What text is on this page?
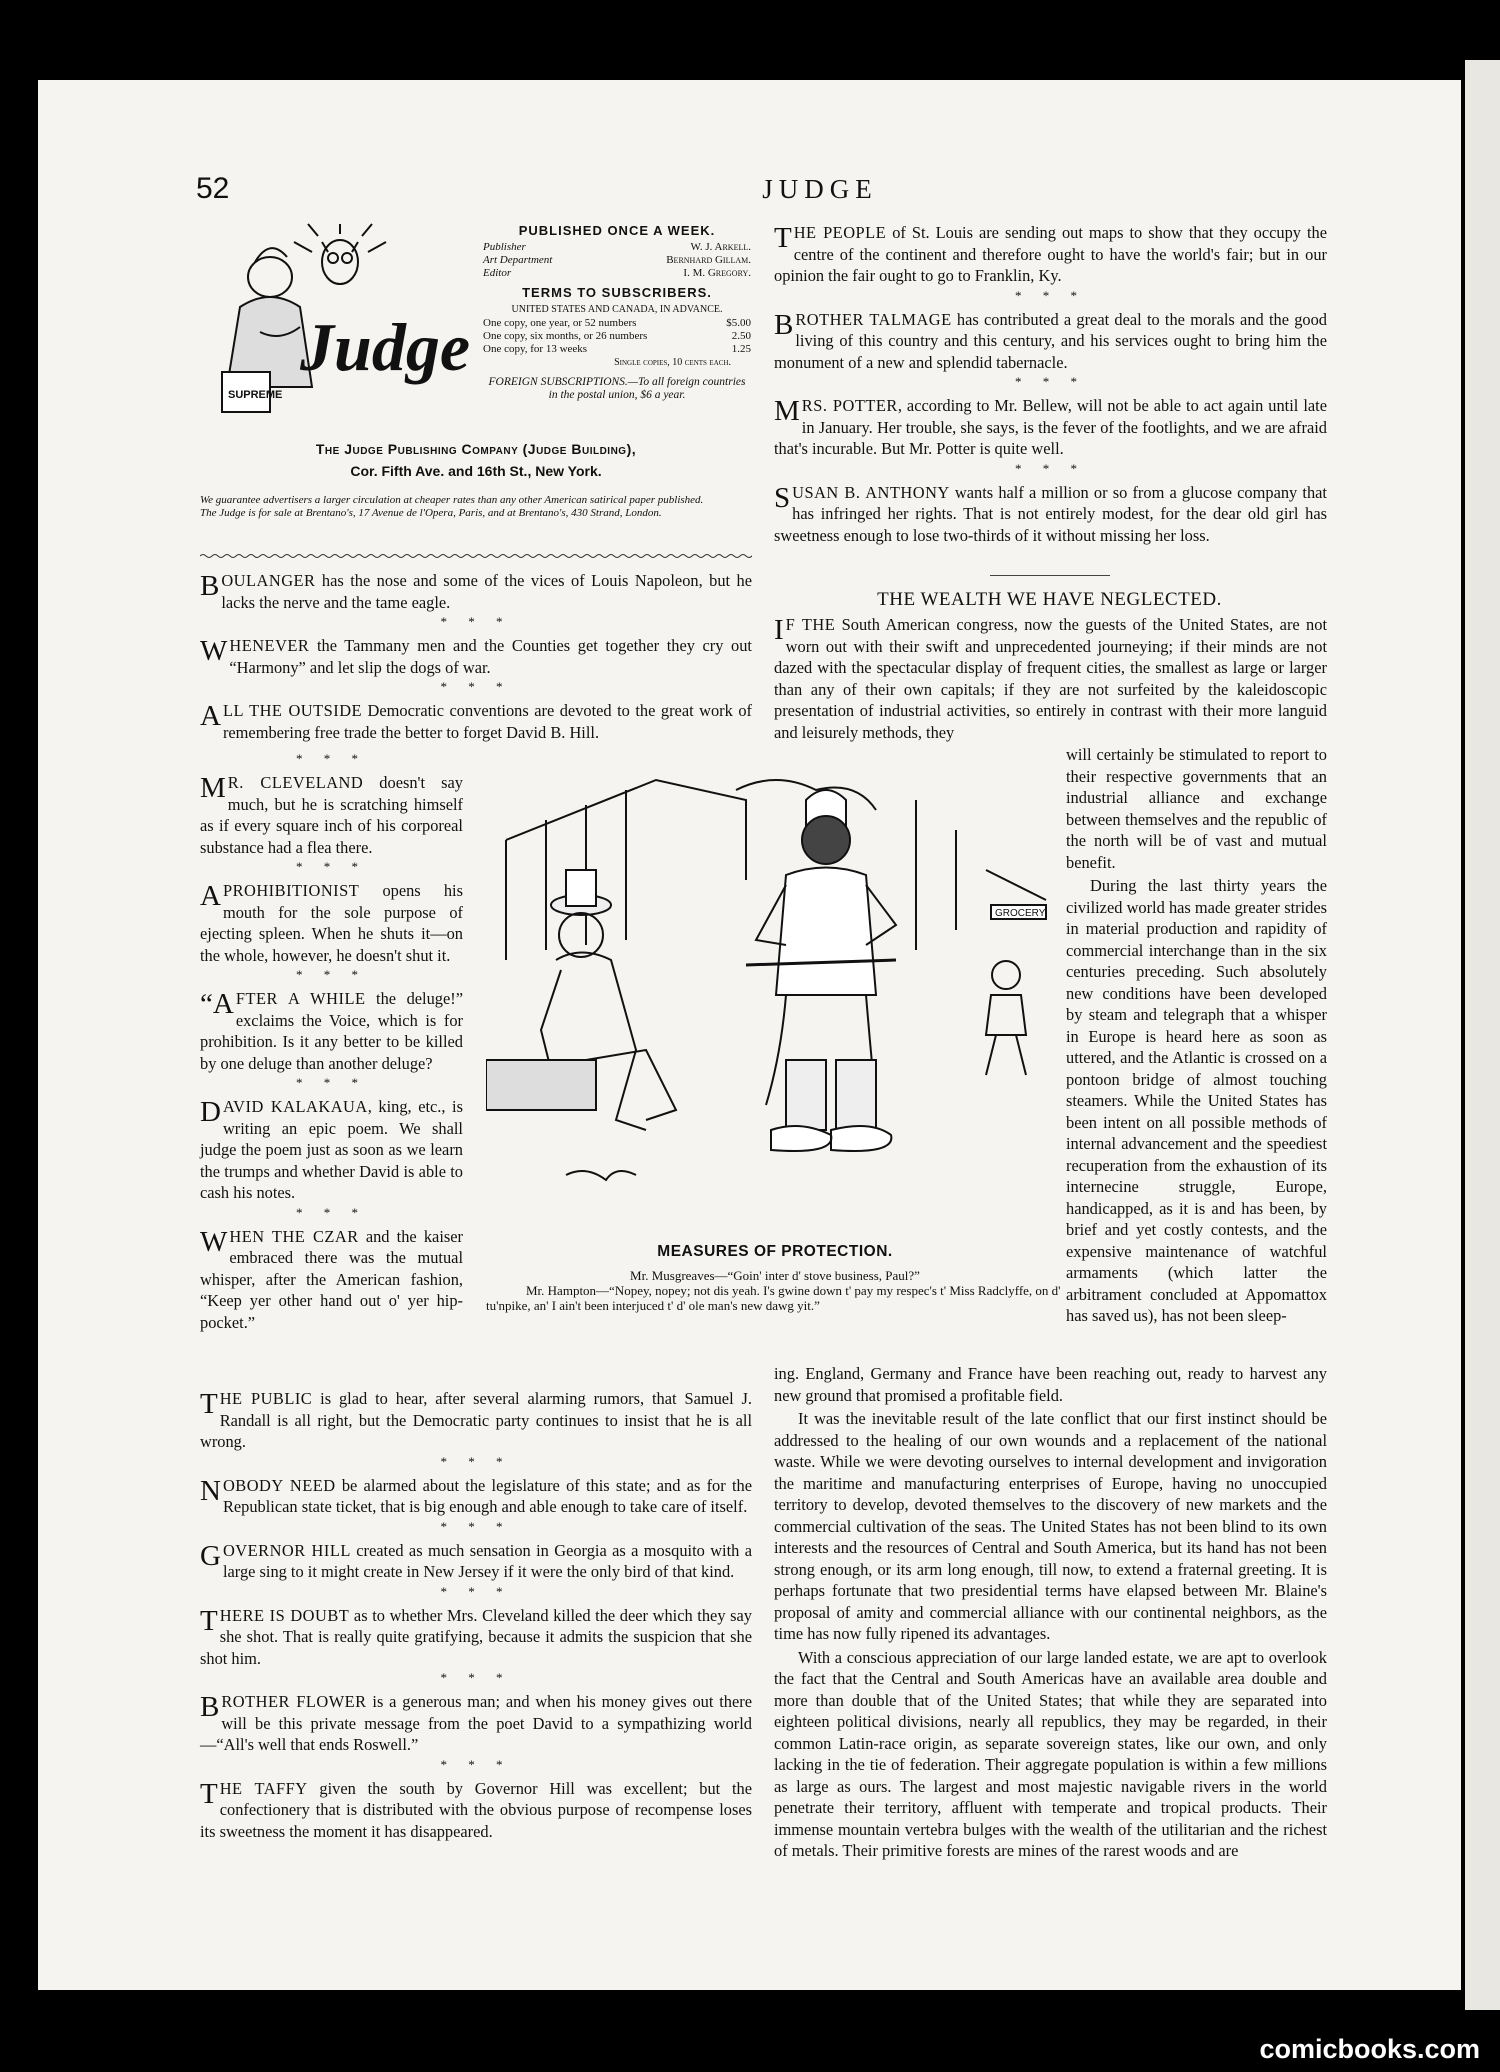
52	JUDGE
SUPREME
Judge
PUBLISHED ONCE A WEEK.
Publisher	W. J. Arkell.
Art Department	Bernhard Gillam.
Editor	I. M. Gregory.
TERMS TO SUBSCRIBERS.
UNITED STATES AND CANADA, IN ADVANCE.
One copy, one year, or 52 numbers	$5.00
One copy, six months, or 26 numbers	2.50
One copy, for 13 weeks	1.25
Single copies, 10 cents each.
FOREIGN SUBSCRIPTIONS.—To all foreign countries in the postal union, $6 a year.
The Judge Publishing Company (Judge Building),
Cor. Fifth Ave. and 16th St., New York.
We guarantee advertisers a larger circulation at cheaper rates than any other American satirical paper published.
The Judge is for sale at Brentano's, 17 Avenue de l'Opera, Paris, and at Brentano's, 430 Strand, London.

BOULANGER has the nose and some of the vices of Louis Napoleon, but he lacks the nerve and the tame eagle.

* * *

WHENEVER the Tammany men and the Counties get together they cry out “Harmony” and let slip the dogs of war.

* * *

ALL THE OUTSIDE Democratic conventions are devoted to the great work of remembering free trade the better to forget David B. Hill.

* * *

M R. CLEVELAND doesn't say much, but he is scratching himself as if every square inch of his corporeal substance had a flea there.

* * *

A PROHIBITIONIST opens his mouth for the sole purpose of ejecting spleen. When he shuts it—on the whole, however, he doesn't shut it.

* * *

“AFTER A WHILE the deluge!” exclaims the Voice, which is for prohibition. Is it any better to be killed by one deluge than another deluge?

* * *

DAVID KALAKAUA, king, etc., is writing an epic poem. We shall judge the poem just as soon as we learn the trumps and whether David is able to cash his notes.

* * *

WHEN THE CZAR and the kaiser embraced there was the mutual whisper, after the American fashion, “Keep yer other hand out o' yer hip-pocket.”

THE PUBLIC is glad to hear, after several alarming rumors, that Samuel J. Randall is all right, but the Democratic party continues to insist that he is all wrong.

* * *

NOBODY NEED be alarmed about the legislature of this state; and as for the Republican state ticket, that is big enough and able enough to take care of itself.

* * *

GOVERNOR HILL created as much sensation in Georgia as a mosquito with a large sing to it might create in New Jersey if it were the only bird of that kind.

* * *

THERE IS DOUBT as to whether Mrs. Cleveland killed the deer which they say she shot. That is really quite gratifying, because it admits the suspicion that she shot him.

* * *

BROTHER FLOWER is a generous man; and when his money gives out there will be this private message from the poet David to a sympathizing world—“All's well that ends Roswell.”

* * *

THE TAFFY given the south by Governor Hill was excellent; but the confectionery that is distributed with the obvious purpose of recompense loses its sweetness the moment it has disappeared.

THE PEOPLE of St. Louis are sending out maps to show that they occupy the centre of the continent and therefore ought to have the world's fair; but in our opinion the fair ought to go to Franklin, Ky.

* * *

BROTHER TALMAGE has contributed a great deal to the morals and the good living of this country and this century, and his services ought to bring him the monument of a new and splendid tabernacle.

* * *

MRS. POTTER, according to Mr. Bellew, will not be able to act again until late in January. Her trouble, she says, is the fever of the footlights, and we are afraid that's incurable. But Mr. Potter is quite well.

* * *

SUSAN B. ANTHONY wants half a million or so from a glucose company that has infringed her rights. That is not entirely modest, for the dear old girl has sweetness enough to lose two-thirds of it without missing her loss.

THE WEALTH WE HAVE NEGLECTED.

I F THE South American congress, now the guests of the United States, are not worn out with their swift and unprecedented journeying; if their minds are not dazed with the spectacular display of frequent cities, the smallest as large or larger than any of their own capitals; if they are not surfeited by the kaleidoscopic presentation of industrial activities, so entirely in contrast with their more languid and leisurely methods, they

will certainly be stimulated to report to their respective governments that an industrial alliance and exchange between themselves and the republic of the north will be of vast and mutual benefit.

During the last thirty years the civilized world has made greater strides in material production and rapidity of commercial interchange than in the six centuries preceding. Such absolutely new conditions have been developed by steam and telegraph that a whisper in Europe is heard here as soon as uttered, and the Atlantic is crossed on a pontoon bridge of almost touching steamers. While the United States has been intent on all possible methods of internal advancement and the speediest recuperation from the exhaustion of its internecine struggle, Europe, handicapped, as it is and has been, by brief and yet costly contests, and the expensive maintenance of watchful armaments (which latter the arbitrament concluded at Appomattox has saved us), has not been sleep-

ing. England, Germany and France have been reaching out, ready to harvest any new ground that promised a profitable field.

It was the inevitable result of the late conflict that our first instinct should be addressed to the healing of our own wounds and a replacement of the national waste. While we were devoting ourselves to internal development and invigoration the maritime and manufacturing enterprises of Europe, having no unoccupied territory to develop, devoted themselves to the discovery of new markets and the commercial cultivation of the seas. The United States has not been blind to its own interests and the resources of Central and South America, but its hand has not been strong enough, or its arm long enough, till now, to extend a fraternal greeting. It is perhaps fortunate that two presidential terms have elapsed between Mr. Blaine's proposal of amity and commercial alliance with our continental neighbors, as the time has now fully ripened its advantages.

With a conscious appreciation of our large landed estate, we are apt to overlook the fact that the Central and South Americas have an available area double and more than double that of the United States; that while they are separated into eighteen political divisions, nearly all republics, they may be regarded, in their common Latin-race origin, as separate sovereign states, like our own, and only lacking in the tie of federation. Their aggregate population is within a few millions as large as ours. The largest and most majestic navigable rivers in the world penetrate their territory, affluent with temperate and tropical products. Their immense mountain vertebra bulges with the wealth of the utilitarian and the richest of metals. Their primitive forests are mines of the rarest woods and are

GROCERY
MEASURES OF PROTECTION.

Mr. Musgreaves—“Goin' inter d' stove business, Paul?”

Mr. Hampton—“Nopey, nopey; not dis yeah. I's gwine down t' pay my respec's t' Miss Radclyffe, on d' tu'npike, an' I ain't been interjuced t' d' ole man's new dawg yit.”

comicbooks.com
